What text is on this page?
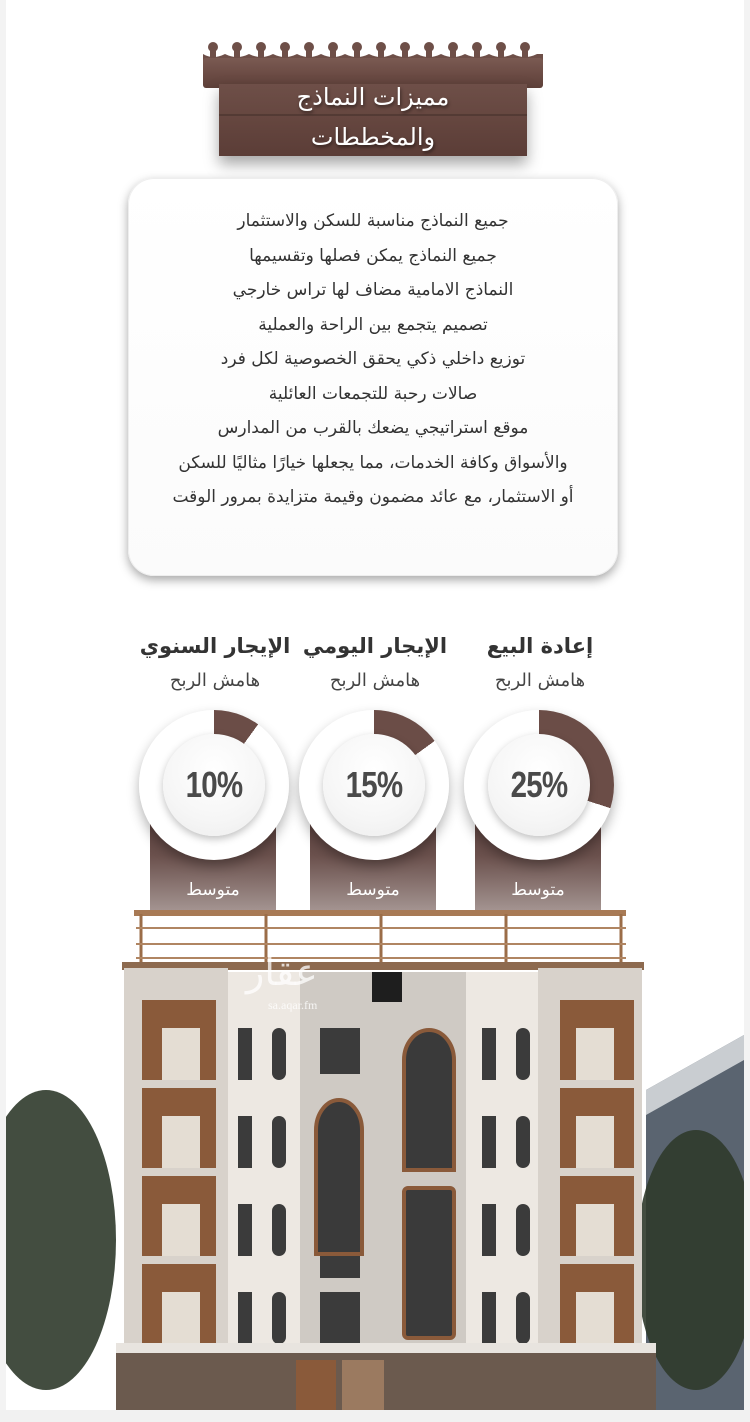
مميزات النماذج
والمخططات
جميع النماذج مناسبة للسكن والاستثمار
جميع النماذج يمكن فصلها وتقسيمها
النماذج الامامية مضاف لها تراس خارجي
تصميم يتجمع بين الراحة والعملية
توزيع داخلي ذكي يحقق الخصوصية لكل فرد
صالات رحبة للتجمعات العائلية
موقع استراتيجي يضعك بالقرب من المدارس
والأسواق وكافة الخدمات، مما يجعلها خيارًا مثاليًا للسكن
أو الاستثمار، مع عائد مضمون وقيمة متزايدة بمرور الوقت
الإيجار السنوي
هامش الربح
متوسط
10%
الإيجار اليومي
هامش الربح
متوسط
15%
إعادة البيع
هامش الربح
متوسط
25%
عقار
sa.aqar.fm
